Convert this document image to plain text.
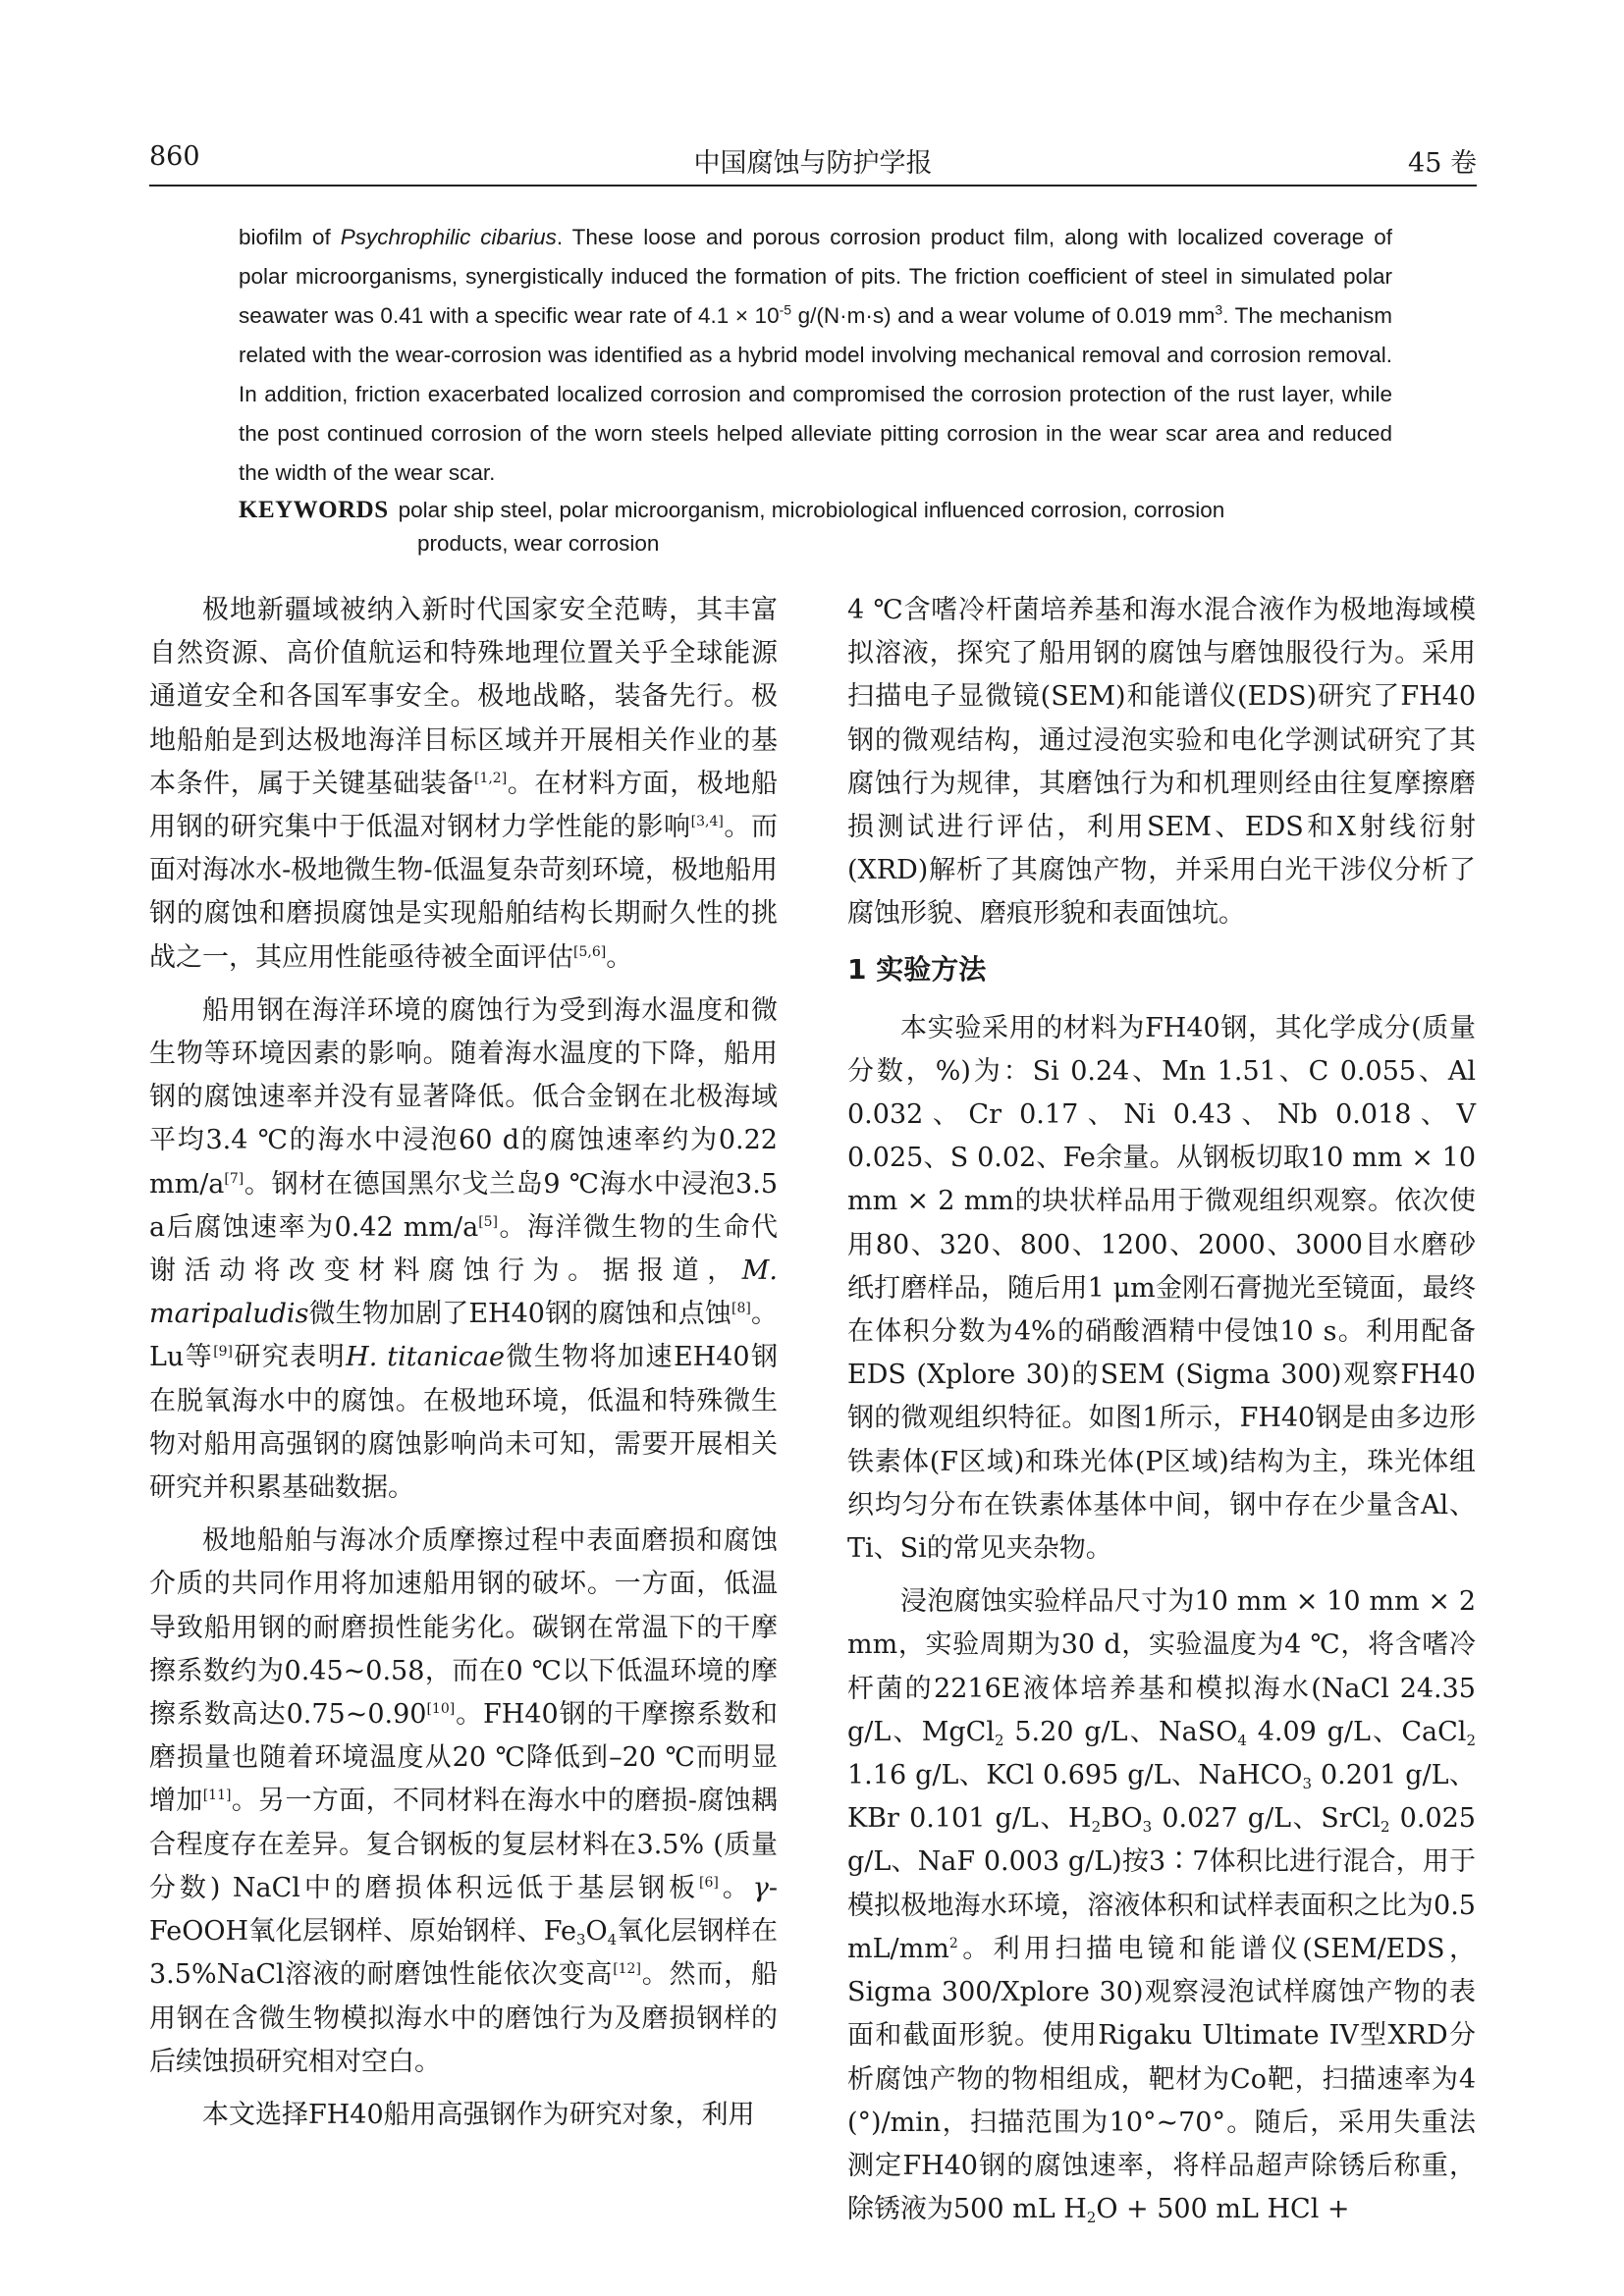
860	中国腐蚀与防护学报	45 卷
biofilm of Psychrophilic cibarius. These loose and porous corrosion product film, along with localized coverage of polar microorganisms, synergistically induced the formation of pits. The friction coefficient of steel in simulated polar seawater was 0.41 with a specific wear rate of $4.1 \times 10^{-5}$ g/(N·m·s) and a wear volume of 0.019 $mm^3$. The mechanism related with the wear-corrosion was identified as a hybrid model involving mechanical removal and corrosion removal. In addition, friction exacerbated localized corrosion and compromised the corrosion protection of the rust layer, while the post continued corrosion of the worn steels helped alleviate pitting corrosion in the wear scar area and reduced the width of the wear scar.
KEYWORDS polar ship steel, polar microorganism, microbiological influenced corrosion, corrosion
products, wear corrosion

极地新疆域被纳入新时代国家安全范畴，其丰富自然资源、高价值航运和特殊地理位置关乎全球能源通道安全和各国军事安全。极地战略，装备先行。极地船舶是到达极地海洋目标区域并开展相关作业的基本条件，属于关键基础装备[1,2]。在材料方面，极地船用钢的研究集中于低温对钢材力学性能的影响[3,4]。而面对海冰水-极地微生物-低温复杂苛刻环境，极地船用钢的腐蚀和磨损腐蚀是实现船舶结构长期耐久性的挑战之一，其应用性能亟待被全面评估[5,6]。

船用钢在海洋环境的腐蚀行为受到海水温度和微生物等环境因素的影响。随着海水温度的下降，船用钢的腐蚀速率并没有显著降低。低合金钢在北极海域平均3.4 ℃的海水中浸泡60 d的腐蚀速率约为0.22 mm/a[7]。钢材在德国黑尔戈兰岛9 ℃海水中浸泡3.5 a后腐蚀速率为0.42 mm/a[5]。海洋微生物的生命代谢活动将改变材料腐蚀行为。据报道，M. maripaludis微生物加剧了EH40钢的腐蚀和点蚀[8]。Lu等[9]研究表明H. titanicae微生物将加速EH40钢在脱氧海水中的腐蚀。在极地环境，低温和特殊微生物对船用高强钢的腐蚀影响尚未可知，需要开展相关研究并积累基础数据。

极地船舶与海冰介质摩擦过程中表面磨损和腐蚀介质的共同作用将加速船用钢的破坏。一方面，低温导致船用钢的耐磨损性能劣化。碳钢在常温下的干摩擦系数约为0.45~0.58，而在0 ℃以下低温环境的摩擦系数高达0.75~0.90[10]。FH40钢的干摩擦系数和磨损量也随着环境温度从20 ℃降低到–20 ℃而明显增加[11]。另一方面，不同材料在海水中的磨损-腐蚀耦合程度存在差异。复合钢板的复层材料在3.5% (质量分数) NaCl中的磨损体积远低于基层钢板[6]。γ-FeOOH氧化层钢样、原始钢样、$Fe_3O_4$氧化层钢样在3.5%NaCl溶液的耐磨蚀性能依次变高[12]。然而，船用钢在含微生物模拟海水中的磨蚀行为及磨损钢样的后续蚀损研究相对空白。

本文选择FH40船用高强钢作为研究对象，利用

4 ℃含嗜冷杆菌培养基和海水混合液作为极地海域模拟溶液，探究了船用钢的腐蚀与磨蚀服役行为。采用扫描电子显微镜(SEM)和能谱仪(EDS)研究了FH40钢的微观结构，通过浸泡实验和电化学测试研究了其腐蚀行为规律，其磨蚀行为和机理则经由往复摩擦磨损测试进行评估，利用SEM、EDS和X射线衍射(XRD)解析了其腐蚀产物，并采用白光干涉仪分析了腐蚀形貌、磨痕形貌和表面蚀坑。

1 实验方法

本实验采用的材料为FH40钢，其化学成分(质量分数，%)为：Si 0.24、Mn 1.51、C 0.055、Al 0.032、Cr 0.17、Ni 0.43、Nb 0.018、V 0.025、S 0.02、Fe余量。从钢板切取10 mm × 10 mm × 2 mm的块状样品用于微观组织观察。依次使用80、320、800、1200、2000、3000目水磨砂纸打磨样品，随后用1 μm金刚石膏抛光至镜面，最终在体积分数为4%的硝酸酒精中侵蚀10 s。利用配备EDS (Xplore 30)的SEM (Sigma 300)观察FH40钢的微观组织特征。如图1所示，FH40钢是由多边形铁素体(F区域)和珠光体(P区域)结构为主，珠光体组织均匀分布在铁素体基体中间，钢中存在少量含Al、Ti、Si的常见夹杂物。

浸泡腐蚀实验样品尺寸为10 mm × 10 mm × 2 mm，实验周期为30 d，实验温度为4 ℃，将含嗜冷杆菌的2216E液体培养基和模拟海水(NaCl 24.35 g/L、MgCl$_2$ 5.20 g/L、NaSO$_4$ 4.09 g/L、CaCl$_2$ 1.16 g/L、KCl 0.695 g/L、NaHCO$_3$ 0.201 g/L、KBr 0.101 g/L、$H_2BO_3$ 0.027 g/L、SrCl$_2$ 0.025 g/L、NaF 0.003 g/L)按3∶7体积比进行混合，用于模拟极地海水环境，溶液体积和试样表面积之比为0.5 $mL/mm^2$。利用扫描电镜和能谱仪(SEM/EDS，Sigma 300/Xplore 30)观察浸泡试样腐蚀产物的表面和截面形貌。使用Rigaku Ultimate IV型XRD分析腐蚀产物的物相组成，靶材为Co靶，扫描速率为4 (°)/min，扫描范围为10°~70°。随后，采用失重法测定FH40钢的腐蚀速率，将样品超声除锈后称重，除锈液为500 mL $H_2O + 500$ mL HCl +
